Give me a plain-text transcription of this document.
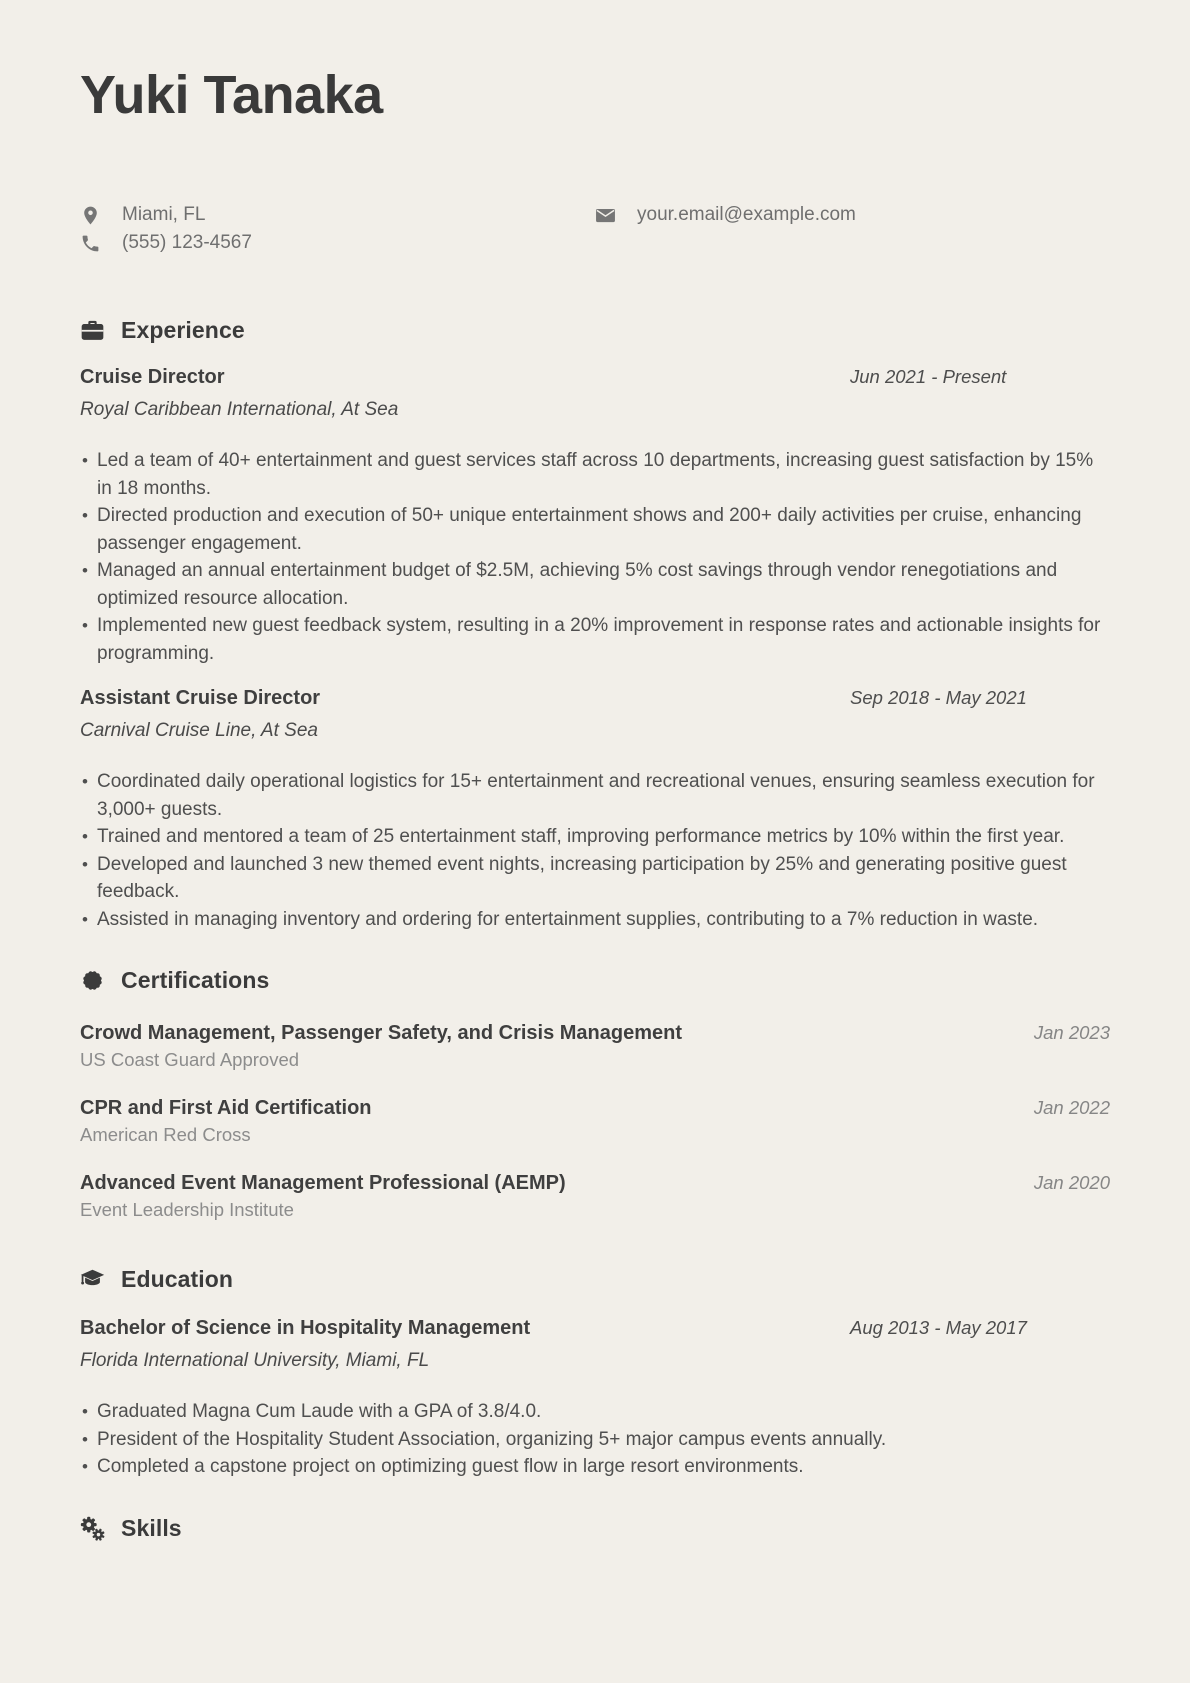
Yuki Tanaka
Miami, FL	your.email@example.com
(555) 123-4567
Experience
Cruise Director	Jun 2021 - Present
Royal Caribbean International, At Sea
• Led a team of 40+ entertainment and guest services staff across 10 departments, increasing guest satisfaction by 15% in 18 months.
• Directed production and execution of 50+ unique entertainment shows and 200+ daily activities per cruise, enhancing passenger engagement.
• Managed an annual entertainment budget of $2.5M, achieving 5% cost savings through vendor renegotiations and optimized resource allocation.
• Implemented new guest feedback system, resulting in a 20% improvement in response rates and actionable insights for programming.
Assistant Cruise Director	Sep 2018 - May 2021
Carnival Cruise Line, At Sea
• Coordinated daily operational logistics for 15+ entertainment and recreational venues, ensuring seamless execution for 3,000+ guests.
• Trained and mentored a team of 25 entertainment staff, improving performance metrics by 10% within the first year.
• Developed and launched 3 new themed event nights, increasing participation by 25% and generating positive guest feedback.
• Assisted in managing inventory and ordering for entertainment supplies, contributing to a 7% reduction in waste.
Certifications
Crowd Management, Passenger Safety, and Crisis Management	Jan 2023
US Coast Guard Approved
CPR and First Aid Certification	Jan 2022
American Red Cross
Advanced Event Management Professional (AEMP)	Jan 2020
Event Leadership Institute
Education
Bachelor of Science in Hospitality Management	Aug 2013 - May 2017
Florida International University, Miami, FL
• Graduated Magna Cum Laude with a GPA of 3.8/4.0.
• President of the Hospitality Student Association, organizing 5+ major campus events annually.
• Completed a capstone project on optimizing guest flow in large resort environments.
Skills
